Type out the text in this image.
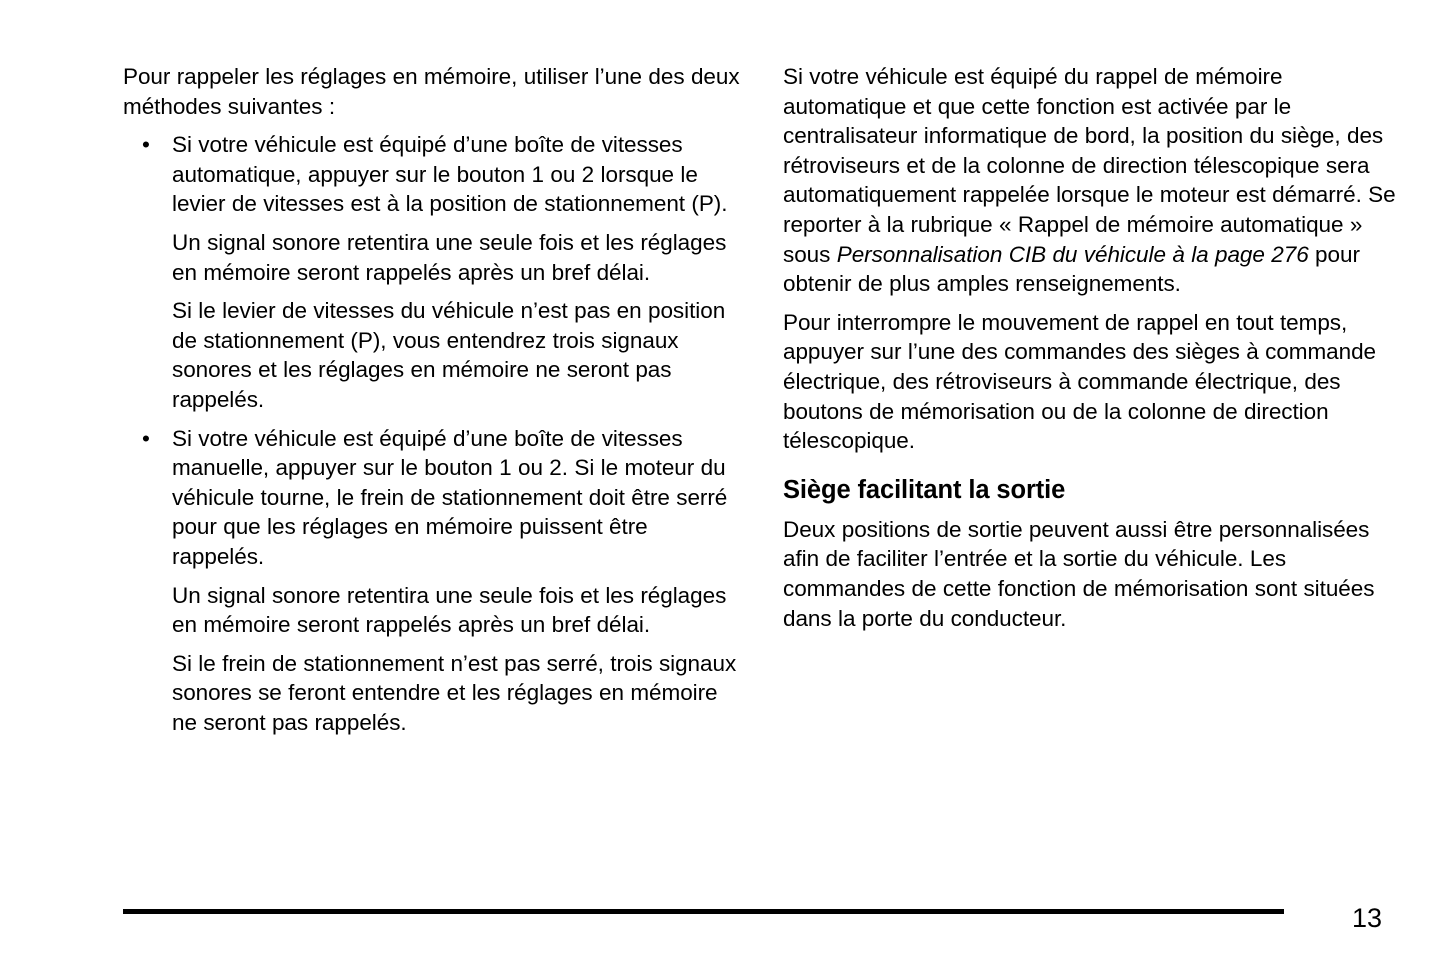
Pour rappeler les réglages en mémoire, utiliser l’une des deux méthodes suivantes :

• Si votre véhicule est équipé d’une boîte de vitesses automatique, appuyer sur le bouton 1 ou 2 lorsque le levier de vitesses est à la position de stationnement (P).

Un signal sonore retentira une seule fois et les réglages en mémoire seront rappelés après un bref délai.

Si le levier de vitesses du véhicule n’est pas en position de stationnement (P), vous entendrez trois signaux sonores et les réglages en mémoire ne seront pas rappelés.

• Si votre véhicule est équipé d’une boîte de vitesses manuelle, appuyer sur le bouton 1 ou 2. Si le moteur du véhicule tourne, le frein de stationnement doit être serré pour que les réglages en mémoire puissent être rappelés.

Un signal sonore retentira une seule fois et les réglages en mémoire seront rappelés après un bref délai.

Si le frein de stationnement n’est pas serré, trois signaux sonores se feront entendre et les réglages en mémoire ne seront pas rappelés.

Si votre véhicule est équipé du rappel de mémoire automatique et que cette fonction est activée par le centralisateur informatique de bord, la position du siège, des rétroviseurs et de la colonne de direction télescopique sera automatiquement rappelée lorsque le moteur est démarré. Se reporter à la rubrique « Rappel de mémoire automatique » sous Personnalisation CIB du véhicule à la page 276 pour obtenir de plus amples renseignements.

Pour interrompre le mouvement de rappel en tout temps, appuyer sur l’une des commandes des sièges à commande électrique, des rétroviseurs à commande électrique, des boutons de mémorisation ou de la colonne de direction télescopique.

Siège facilitant la sortie

Deux positions de sortie peuvent aussi être personnalisées afin de faciliter l’entrée et la sortie du véhicule. Les commandes de cette fonction de mémorisation sont situées dans la porte du conducteur.

13
